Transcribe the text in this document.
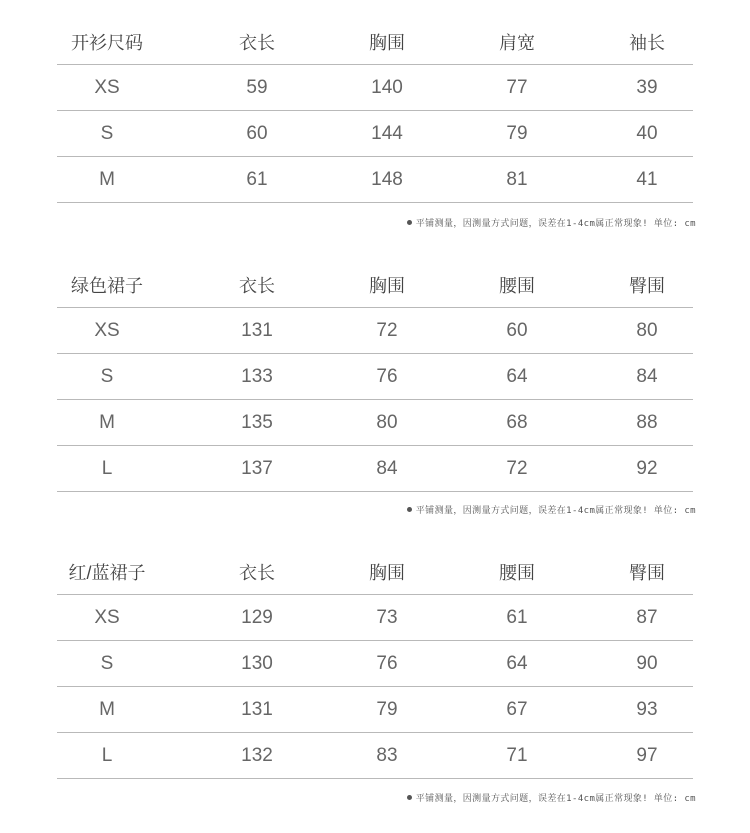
开衫尺码	衣长	胸围	肩宽	袖长
XS	59	140	77	39
S	60	144	79	40
M	61	148	81	41
平铺测量，因测量方式问题，误差在1-4cm属正常现象! 单位: cm
绿色裙子	衣长	胸围	腰围	臀围
XS	131	72	60	80
S	133	76	64	84
M	135	80	68	88
L	137	84	72	92
平铺测量，因测量方式问题，误差在1-4cm属正常现象! 单位: cm
红/蓝裙子	衣长	胸围	腰围	臀围
XS	129	73	61	87
S	130	76	64	90
M	131	79	67	93
L	132	83	71	97
平铺测量，因测量方式问题，误差在1-4cm属正常现象! 单位: cm
